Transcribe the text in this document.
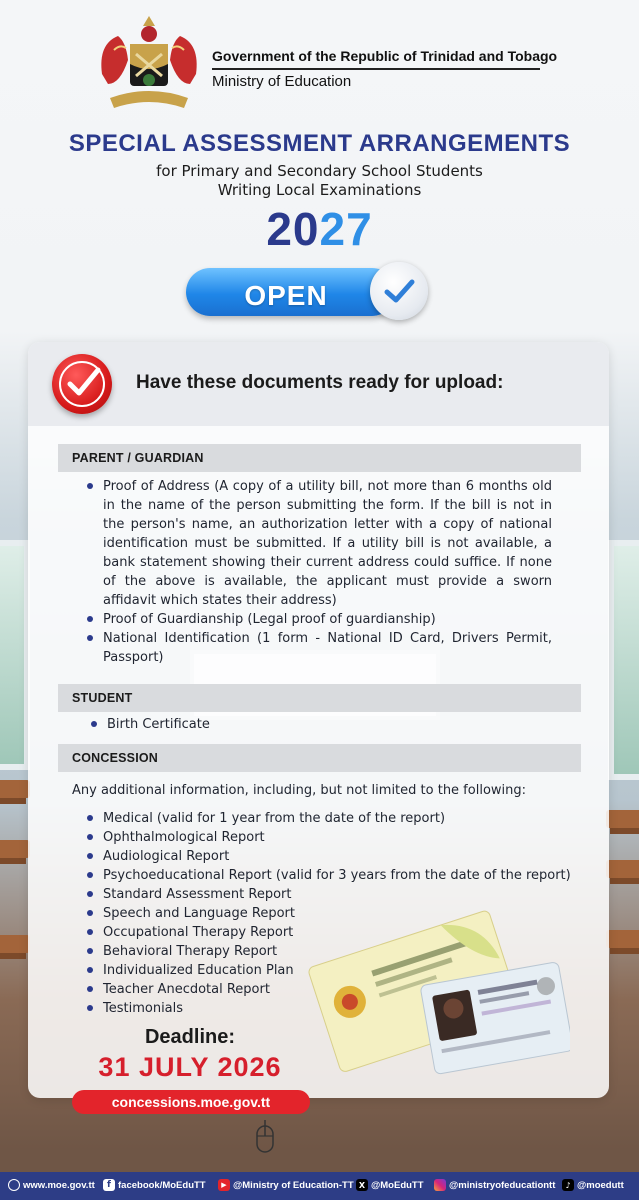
Government of the Republic of Trinidad and Tobago
Ministry of Education
SPECIAL ASSESSMENT ARRANGEMENTS
for Primary and Secondary School Students
Writing Local Examinations
2027
OPEN
Have these documents ready for upload:
PARENT / GUARDIAN
Proof of Address (A copy of a utility bill, not more than 6 months old in the name of the person submitting the form. If the bill is not in the person's name, an authorization letter with a copy of national identification must be submitted. If a utility bill is not available, a bank statement showing their current address could suffice. If none of the above is available, the applicant must provide a sworn affidavit which states their address)
Proof of Guardianship (Legal proof of guardianship)
National Identification (1 form - National ID Card, Drivers Permit, Passport)
STUDENT
Birth Certificate
CONCESSION
Any additional information, including, but not limited to the following:
Medical (valid for 1 year from the date of the report)
Ophthalmological Report
Audiological Report
Psychoeducational Report (valid for 3 years from the date of the report)
Standard Assessment Report
Speech and Language Report
Occupational Therapy Report
Behavioral Therapy Report
Individualized Education Plan
Teacher Anecdotal Report
Testimonials
Deadline:
31 JULY 2026
concessions.moe.gov.tt
www.moe.gov.tt	f facebook/MoEduTT	▶ @Ministry of Education-TT X @MoEduTT	@ministryofeducationtt	♪ @moedutt
